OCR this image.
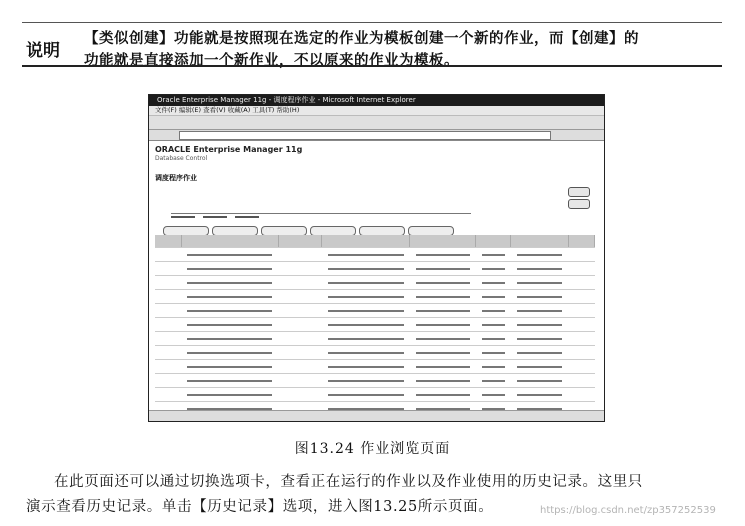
说明
【类似创建】功能就是按照现在选定的作业为模板创建一个新的作业，而【创建】的
功能就是直接添加一个新作业，不以原来的作业为模板。
Oracle Enterprise Manager 11g - 调度程序作业 - Microsoft Internet Explorer
文件(F) 编辑(E) 查看(V) 收藏(A) 工具(T) 帮助(H)
ORACLE Enterprise Manager 11g
Database Control
调度程序作业

图13.24 作业浏览页面
在此页面还可以通过切换选项卡，查看正在运行的作业以及作业使用的历史记录。这里只
演示查看历史记录。单击【历史记录】选项，进入图13.25所示页面。	https://blog.csdn.net/zp357252539
